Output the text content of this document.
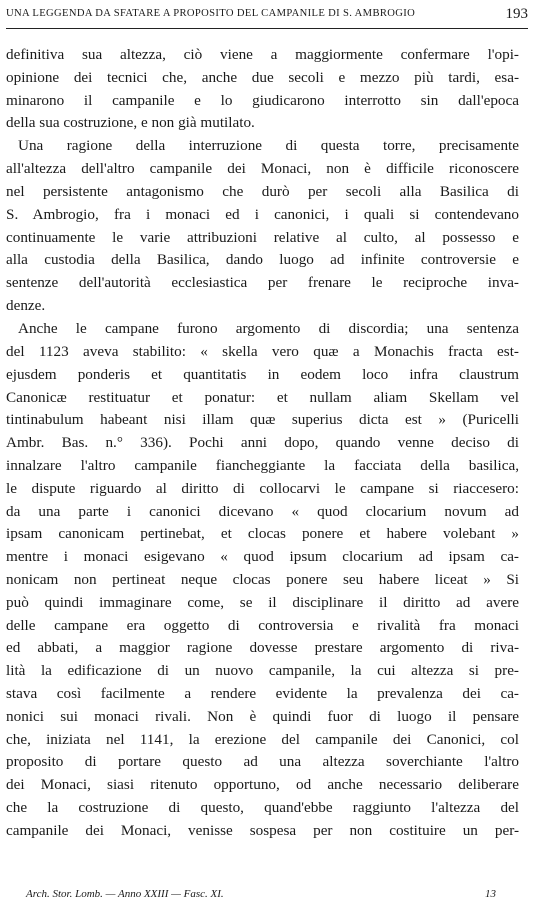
UNA LEGGENDA DA SFATARE A PROPOSITO DEL CAMPANILE DI S. AMBROGIO	193
definitiva sua altezza, ciò viene a maggiormente confermare l'opi-
opinione dei tecnici che, anche due secoli e mezzo più tardi, esa-
minarono il campanile e lo giudicarono interrotto sin dall'epoca
della sua costruzione, e non già mutilato.
Una ragione della interruzione di questa torre, precisamente
all'altezza dell'altro campanile dei Monaci, non è difficile riconoscere
nel persistente antagonismo che durò per secoli alla Basilica di
S. Ambrogio, fra i monaci ed i canonici, i quali si contendevano
continuamente le varie attribuzioni relative al culto, al possesso e
alla custodia della Basilica, dando luogo ad infinite controversie e
sentenze dell'autorità ecclesiastica per frenare le reciproche inva-
denze.
Anche le campane furono argomento di discordia; una sentenza
del 1123 aveva stabilito: « skella vero quæ a Monachis fracta est-
ejusdem ponderis et quantitatis in eodem loco infra claustrum
Canonicæ restituatur et ponatur: et nullam aliam Skellam vel
tintinabulum habeant nisi illam quæ superius dicta est » (Puricelli
Ambr. Bas. n.° 336). Pochi anni dopo, quando venne deciso di
innalzare l'altro campanile fiancheggiante la facciata della basilica,
le dispute riguardo al diritto di collocarvi le campane si riaccesero:
da una parte i canonici dicevano « quod clocarium novum ad
ipsam canonicam pertinebat, et clocas ponere et habere volebant »
mentre i monaci esigevano « quod ipsum clocarium ad ipsam ca-
nonicam non pertineat neque clocas ponere seu habere liceat » Si
può quindi immaginare come, se il disciplinare il diritto ad avere
delle campane era oggetto di controversia e rivalità fra monaci
ed abbati, a maggior ragione dovesse prestare argomento di riva-
lità la edificazione di un nuovo campanile, la cui altezza si pre-
stava così facilmente a rendere evidente la prevalenza dei ca-
nonici sui monaci rivali. Non è quindi fuor di luogo il pensare
che, iniziata nel 1141, la erezione del campanile dei Canonici, col
proposito di portare questo ad una altezza soverchiante l'altro
dei Monaci, siasi ritenuto opportuno, od anche necessario deliberare
che la costruzione di questo, quand'ebbe raggiunto l'altezza del
campanile dei Monaci, venisse sospesa per non costituire un per-
Arch. Stor. Lomb. — Anno XXIII — Fasc. XI.	13
